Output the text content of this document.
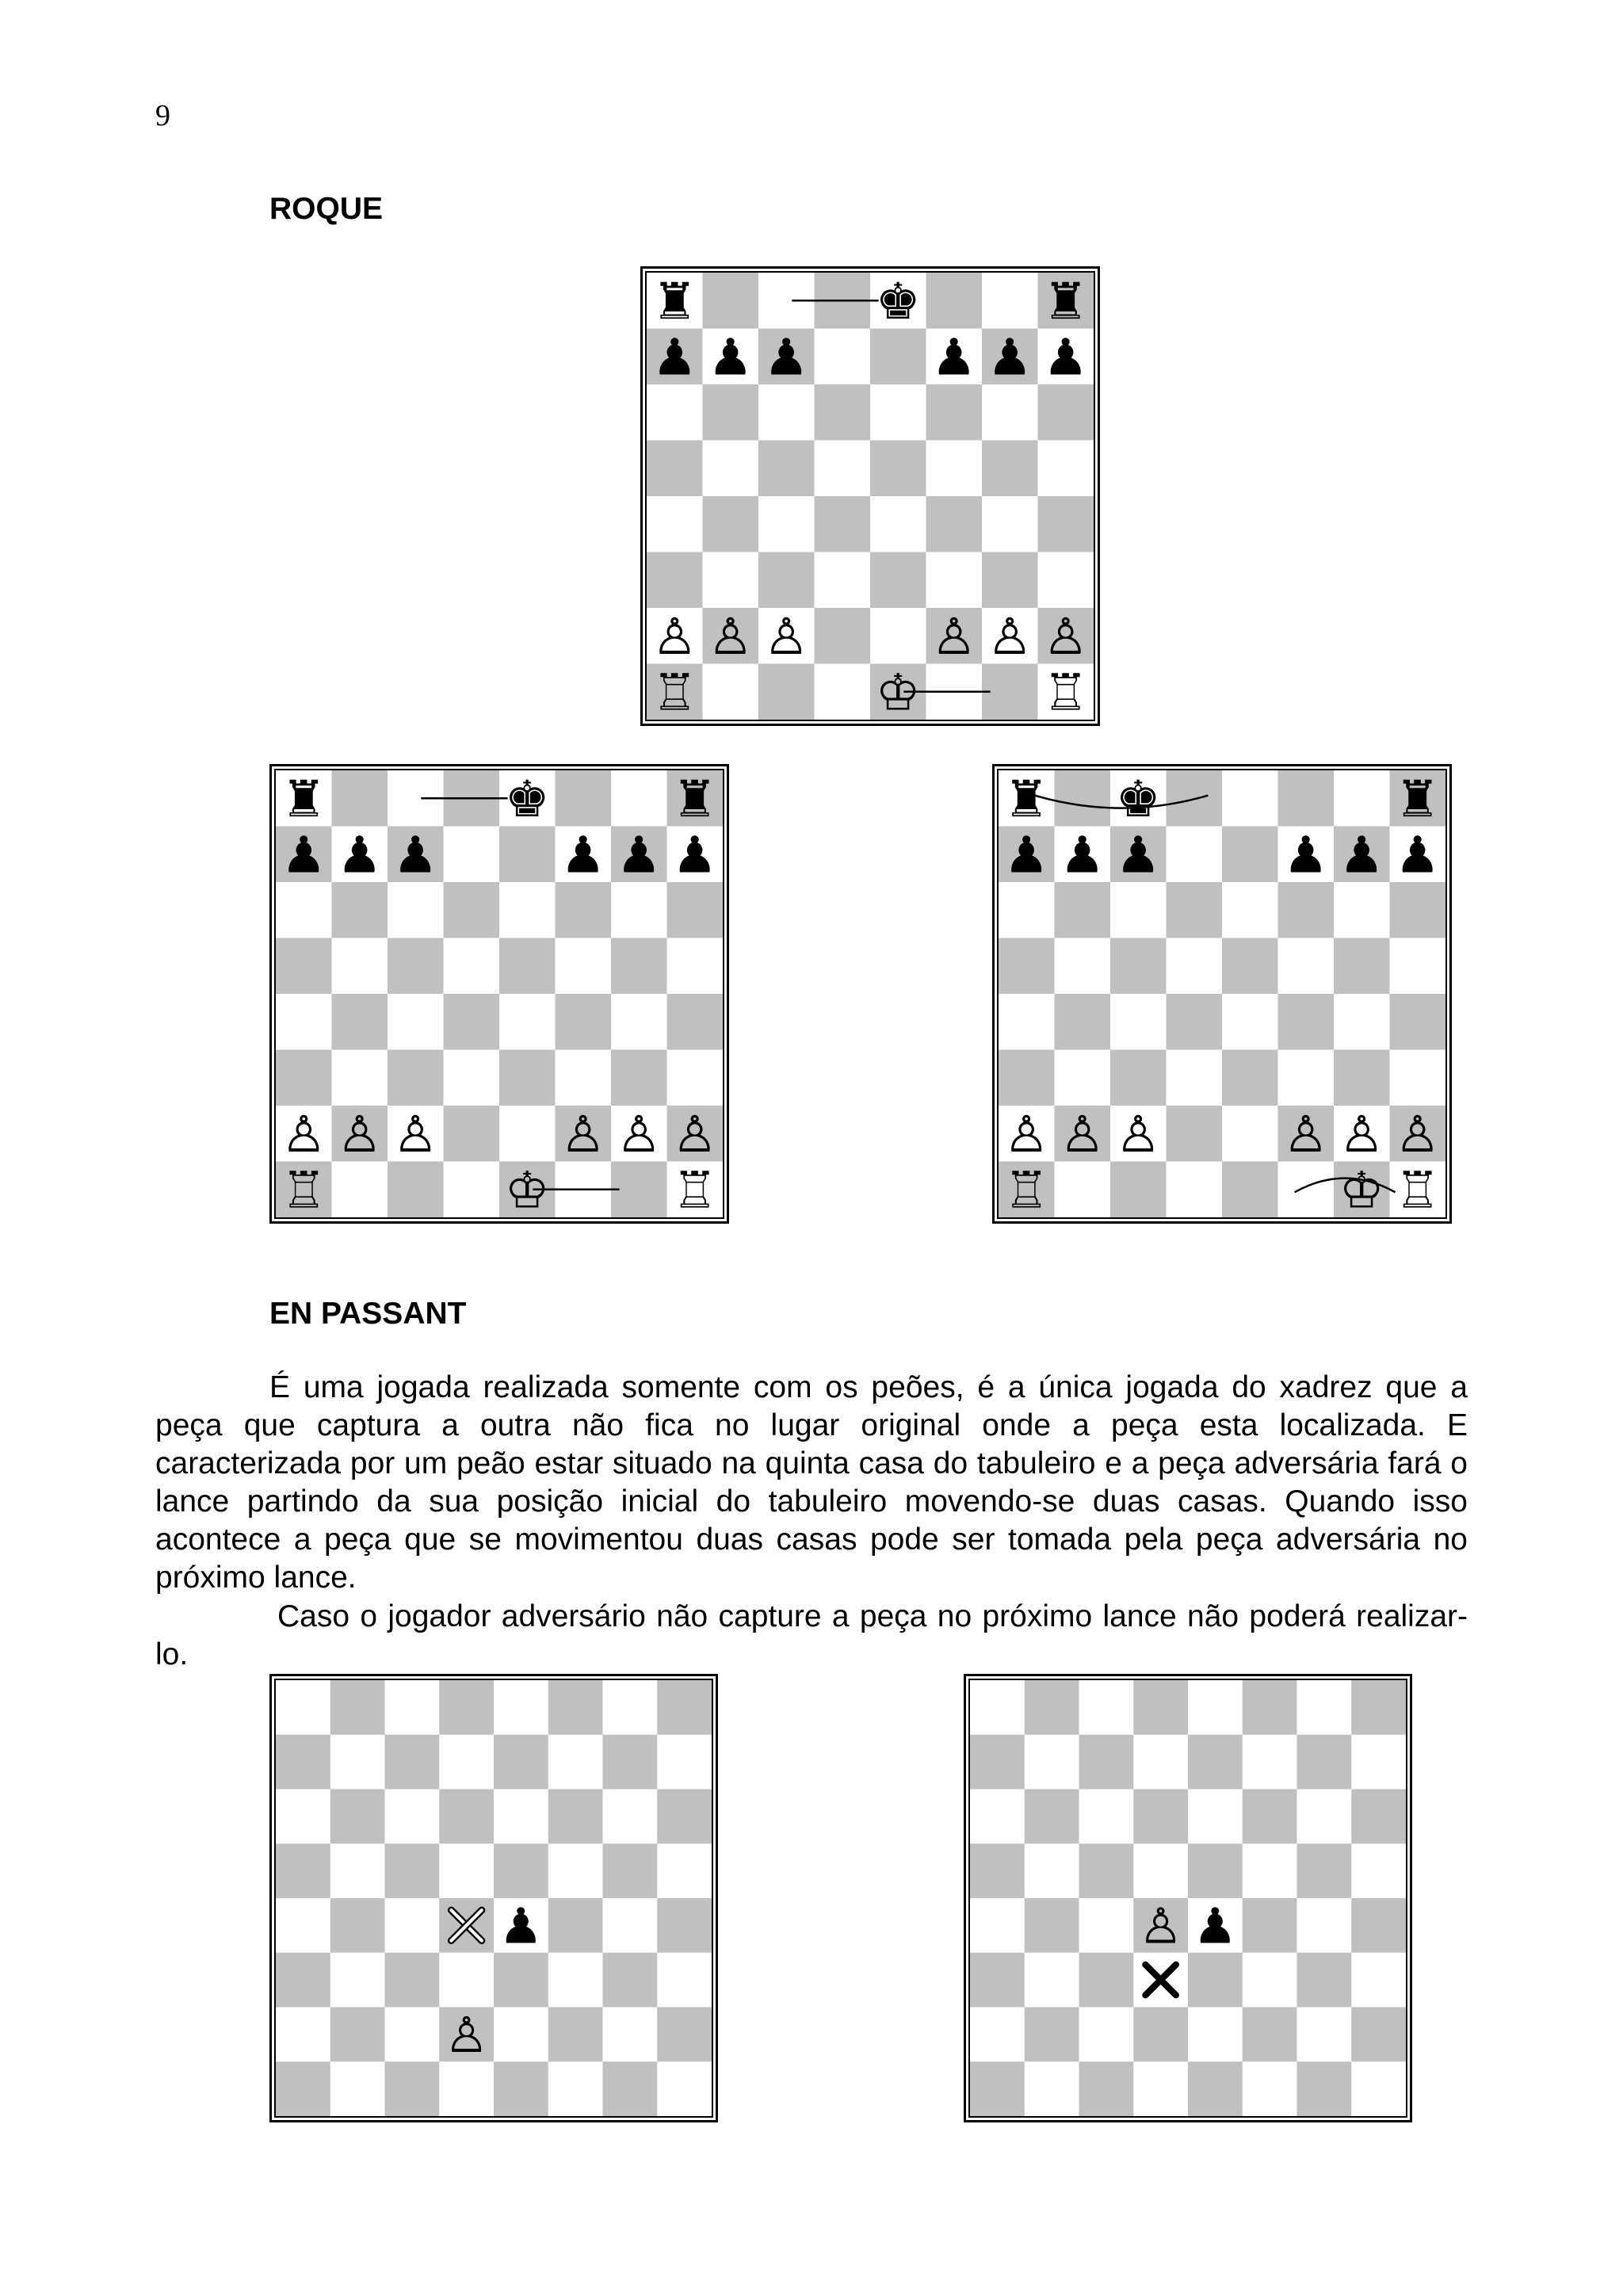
9
ROQUE
EN PASSANT

É uma jogada realizada somente com os peões, é a única jogada do xadrez que a peça que captura a outra não fica no lugar original onde a peça esta localizada. E caracterizada por um peão estar situado na quinta casa do tabuleiro e a peça adversária fará o lance partindo da sua posição inicial do tabuleiro movendo-se duas casas. Quando isso acontece a peça que se movimentou duas casas pode ser tomada pela peça adversária no próximo lance.

Caso o jogador adversário não capture a peça no próximo lance não poderá realizar-lo.
